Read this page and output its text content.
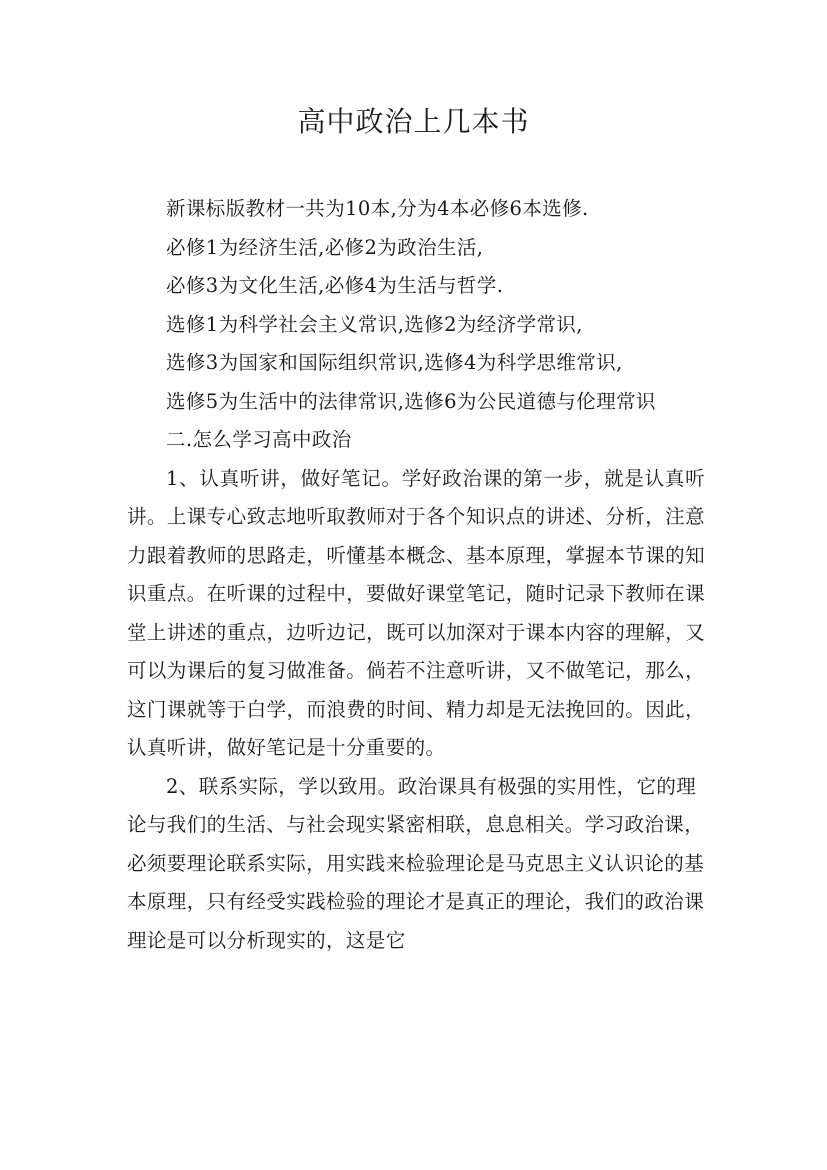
高中政治上几本书

新课标版教材一共为10本,分为4本必修6本选修.

必修1为经济生活,必修2为政治生活,

必修3为文化生活,必修4为生活与哲学.

选修1为科学社会主义常识,选修2为经济学常识,

选修3为国家和国际组织常识,选修4为科学思维常识,

选修5为生活中的法律常识,选修6为公民道德与伦理常识

二.怎么学习高中政治

1、认真听讲，做好笔记。学好政治课的第一步，就是认真听讲。上课专心致志地听取教师对于各个知识点的讲述、分析，注意力跟着教师的思路走，听懂基本概念、基本原理，掌握本节课的知识重点。在听课的过程中，要做好课堂笔记，随时记录下教师在课堂上讲述的重点，边听边记，既可以加深对于课本内容的理解，又可以为课后的复习做准备。倘若不注意听讲，又不做笔记，那么，这门课就等于白学，而浪费的时间、精力却是无法挽回的。因此，认真听讲，做好笔记是十分重要的。

2、联系实际，学以致用。政治课具有极强的实用性，它的理论与我们的生活、与社会现实紧密相联，息息相关。学习政治课，必须要理论联系实际，用实践来检验理论是马克思主义认识论的基本原理，只有经受实践检验的理论才是真正的理论，我们的政治课理论是可以分析现实的，这是它
